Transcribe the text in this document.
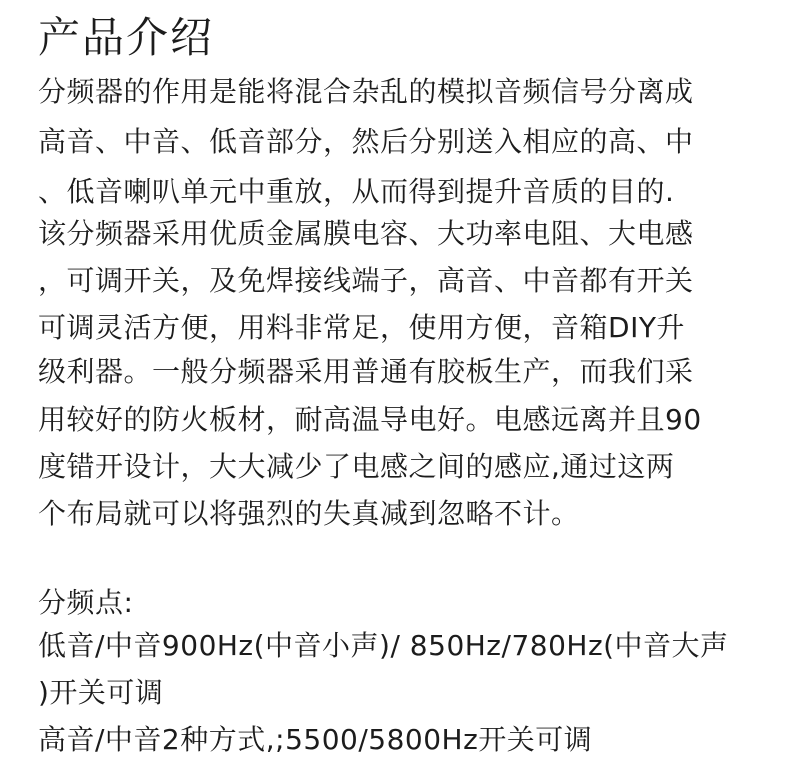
产品介绍
分频器的作用是能将混合杂乱的模拟音频信号分离成
高音、中音、低音部分，然后分别送入相应的高、中
、低音喇叭单元中重放，从而得到提升音质的目的.
该分频器采用优质金属膜电容、大功率电阻、大电感
，可调开关，及免焊接线端子，高音、中音都有开关
可调灵活方便，用料非常足，使用方便，音箱DIY升
级利器。一般分频器采用普通有胶板生产，而我们采
用较好的防火板材，耐高温导电好。电感远离并且90
度错开设计，大大减少了电感之间的感应,通过这两
个布局就可以将强烈的失真减到忽略不计。
分频点:
低音/中音900Hz(中音小声)/ 850Hz/780Hz(中音大声
)开关可调
高音/中音2种方式,;5500/5800Hz开关可调
